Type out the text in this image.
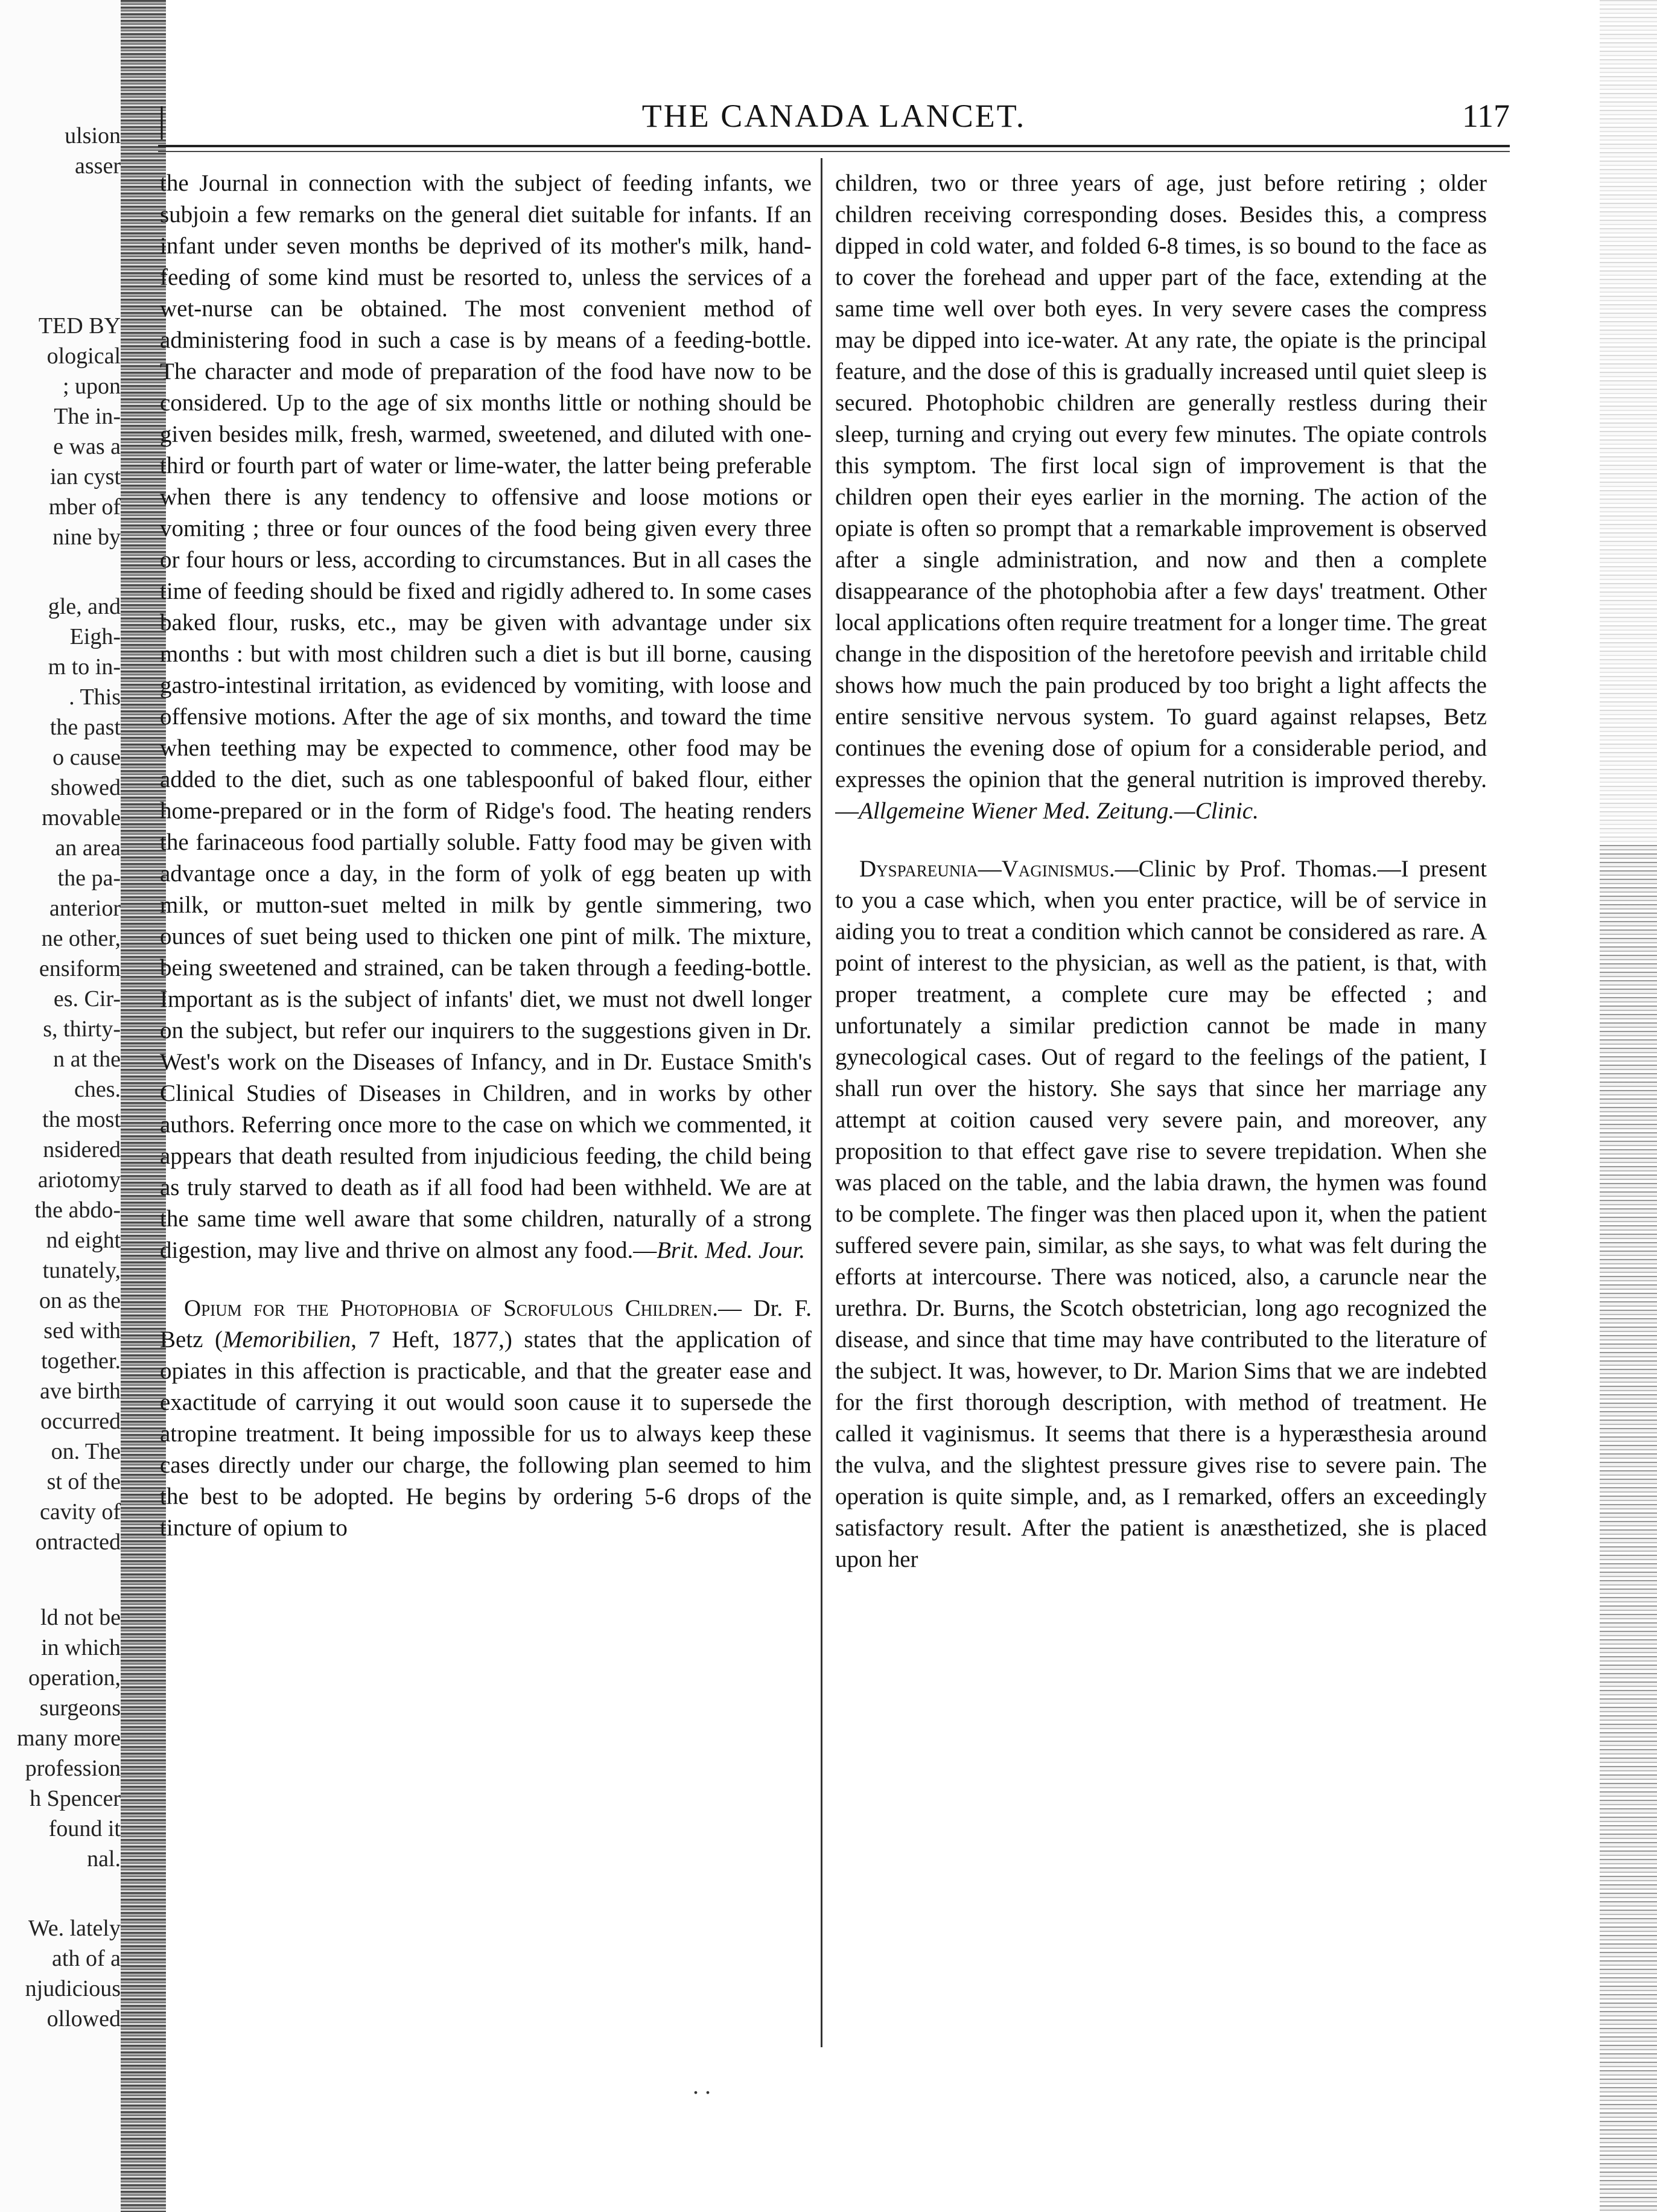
ulsion
asser
TED BY
ological
; upon
The in-
e was a
ian cyst
mber of
nine by
gle, and
Eigh-
m to in-
. This
the past
o cause
showed
movable
an area
the pa-
anterior
ne other,
ensiform
es. Cir-
s, thirty-
n at the
ches.
the most
nsidered
ariotomy
the abdo-
nd eight
tunately,
on as the
sed with
together.
ave birth
occurred
on. The
st of the
cavity of
ontracted
ld not be
in which
operation,
surgeons
many more
profession
h Spencer
found it
nal.
We. lately
ath of a
njudicious
ollowed
|	THE CANADA LANCET.	117

the Journal in connection with the subject of feeding infants, we subjoin a few remarks on the general diet suitable for infants. If an infant under seven months be deprived of its mother's milk, hand-feeding of some kind must be resorted to, unless the services of a wet-nurse can be obtained. The most convenient method of administering food in such a case is by means of a feeding-bottle. The character and mode of preparation of the food have now to be considered. Up to the age of six months little or nothing should be given besides milk, fresh, warmed, sweetened, and diluted with one-third or fourth part of water or lime-water, the latter being preferable when there is any tendency to offensive and loose motions or vomiting ; three or four ounces of the food being given every three or four hours or less, according to circumstances. But in all cases the time of feeding should be fixed and rigidly adhered to. In some cases baked flour, rusks, etc., may be given with advantage under six months : but with most children such a diet is but ill borne, causing gastro-intestinal irritation, as evidenced by vomiting, with loose and offensive motions. After the age of six months, and toward the time when teething may be expected to commence, other food may be added to the diet, such as one tablespoonful of baked flour, either home-prepared or in the form of Ridge's food. The heating renders the farinaceous food partially soluble. Fatty food may be given with advantage once a day, in the form of yolk of egg beaten up with milk, or mutton-suet melted in milk by gentle simmering, two ounces of suet being used to thicken one pint of milk. The mixture, being sweetened and strained, can be taken through a feeding-bottle. Important as is the subject of infants' diet, we must not dwell longer on the subject, but refer our inquirers to the suggestions given in Dr. West's work on the Diseases of Infancy, and in Dr. Eustace Smith's Clinical Studies of Diseases in Children, and in works by other authors. Referring once more to the case on which we commented, it appears that death resulted from injudicious feeding, the child being as truly starved to death as if all food had been withheld. We are at the same time well aware that some children, naturally of a strong digestion, may live and thrive on almost any food.—Brit. Med. Jour.

Opium for the Photophobia of Scrofulous Children.— Dr. F. Betz (Memoribilien, 7 Heft, 1877,) states that the application of opiates in this affection is practicable, and that the greater ease and exactitude of carrying it out would soon cause it to supersede the atropine treatment. It being impossible for us to always keep these cases directly under our charge, the following plan seemed to him the best to be adopted. He begins by ordering 5-6 drops of the tincture of opium to

children, two or three years of age, just before retiring ; older children receiving corresponding doses. Besides this, a compress dipped in cold water, and folded 6-8 times, is so bound to the face as to cover the forehead and upper part of the face, extending at the same time well over both eyes. In very severe cases the compress may be dipped into ice-water. At any rate, the opiate is the principal feature, and the dose of this is gradually increased until quiet sleep is secured. Photophobic children are generally restless during their sleep, turning and crying out every few minutes. The opiate controls this symptom. The first local sign of improvement is that the children open their eyes earlier in the morning. The action of the opiate is often so prompt that a remarkable improvement is observed after a single administration, and now and then a complete disappearance of the photophobia after a few days' treatment. Other local applications often require treatment for a longer time. The great change in the disposition of the heretofore peevish and irritable child shows how much the pain produced by too bright a light affects the entire sensitive nervous system. To guard against relapses, Betz continues the evening dose of opium for a considerable period, and expresses the opinion that the general nutrition is improved thereby.—Allgemeine Wiener Med. Zeitung.—Clinic.

Dyspareunia—Vaginismus.—Clinic by Prof. Thomas.—I present to you a case which, when you enter practice, will be of service in aiding you to treat a condition which cannot be considered as rare. A point of interest to the physician, as well as the patient, is that, with proper treatment, a complete cure may be effected ; and unfortunately a similar prediction cannot be made in many gynecological cases. Out of regard to the feelings of the patient, I shall run over the history. She says that since her marriage any attempt at coition caused very severe pain, and moreover, any proposition to that effect gave rise to severe trepidation. When she was placed on the table, and the labia drawn, the hymen was found to be complete. The finger was then placed upon it, when the patient suffered severe pain, similar, as she says, to what was felt during the efforts at intercourse. There was noticed, also, a caruncle near the urethra. Dr. Burns, the Scotch obstetrician, long ago recognized the disease, and since that time may have contributed to the literature of the subject. It was, however, to Dr. Marion Sims that we are indebted for the first thorough description, with method of treatment. He called it vaginismus. It seems that there is a hyperæsthesia around the vulva, and the slightest pressure gives rise to severe pain. The operation is quite simple, and, as I remarked, offers an exceedingly satisfactory result. After the patient is anæsthetized, she is placed upon her

. .
